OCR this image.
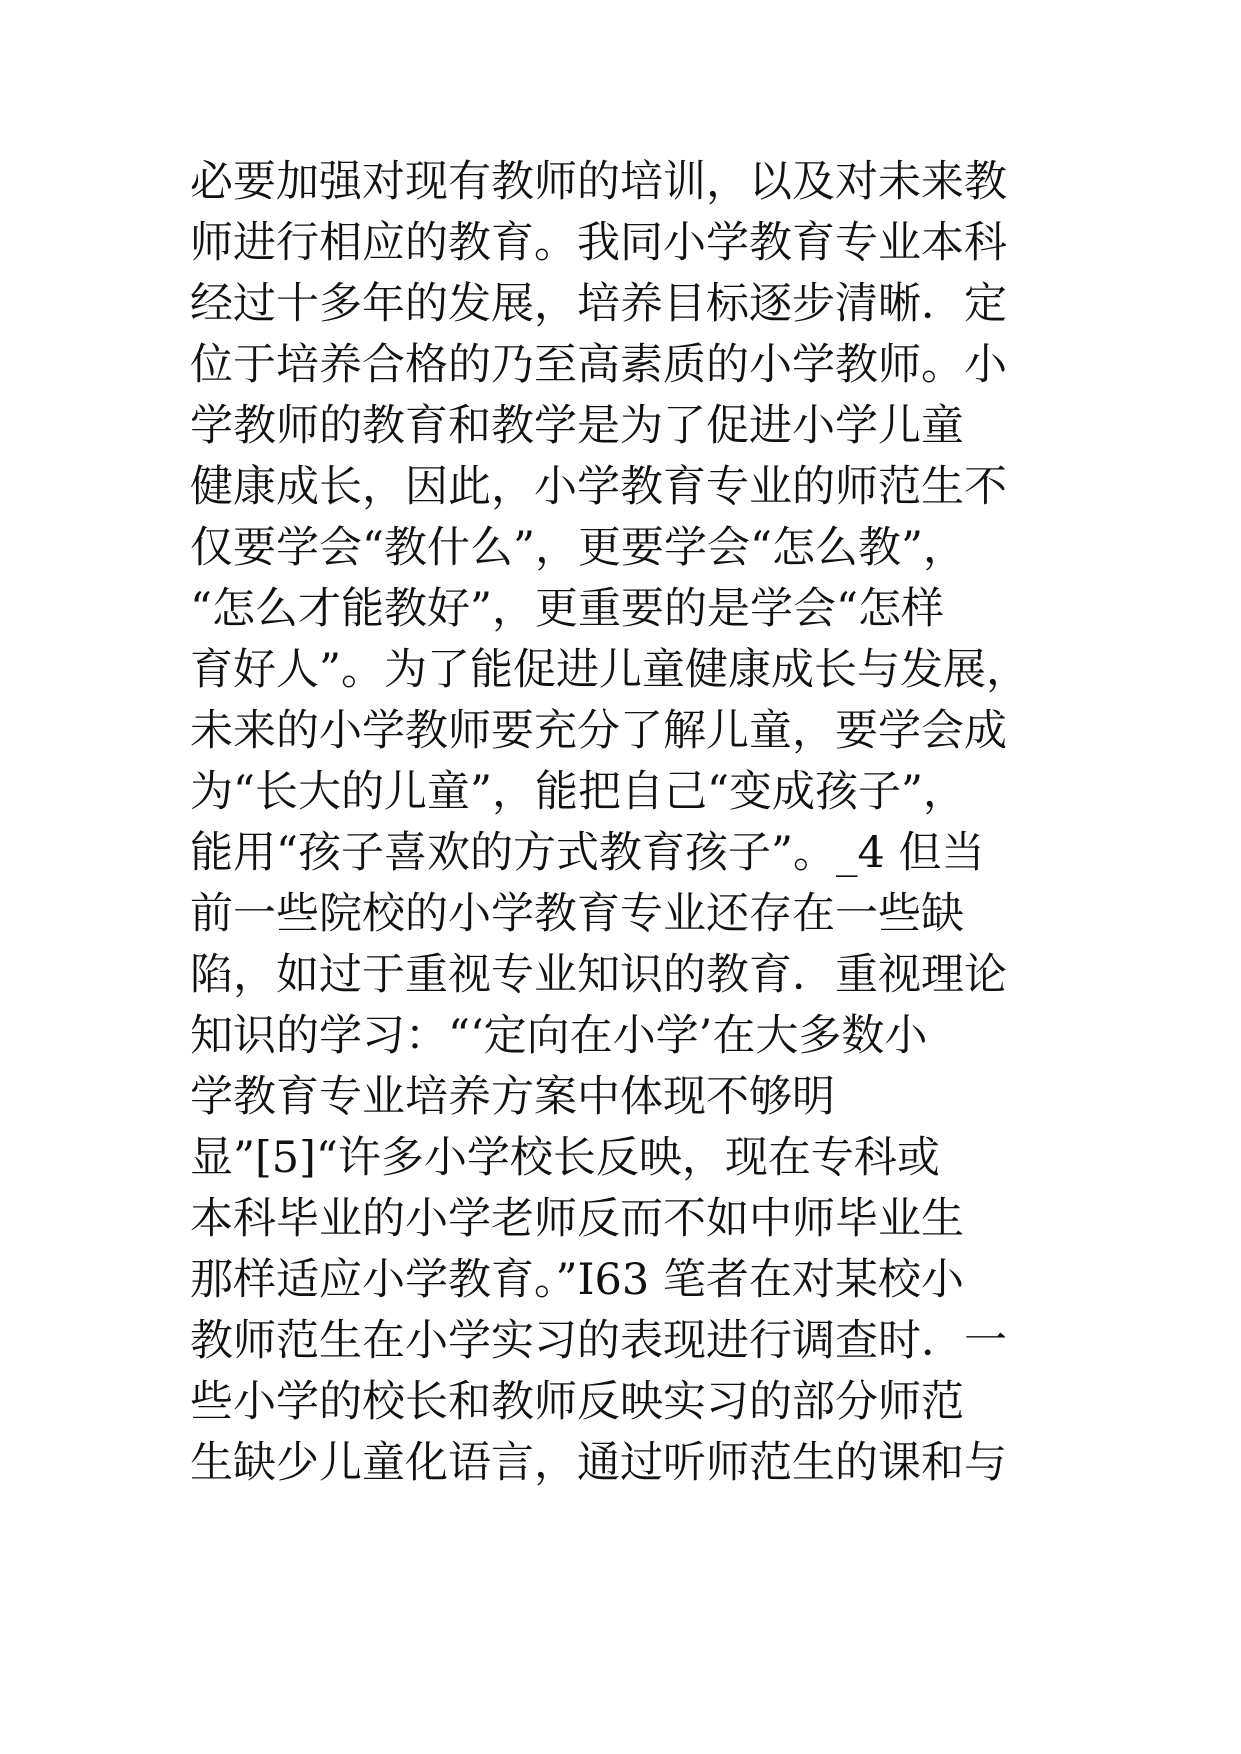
必要加强对现有教师的培训，以及对未来教
师进行相应的教育。我同小学教育专业本科
经过十多年的发展，培养目标逐步清晰．定
位于培养合格的乃至高素质的小学教师。小
学教师的教育和教学是为了促进小学儿童
健康成长，因此，小学教育专业的师范生不
仅要学会“教什么”，更要学会“怎么教”，
“怎么才能教好”，更重要的是学会“怎样
育好人”。为了能促进儿童健康成长与发展，
未来的小学教师要充分了解儿童，要学会成
为“长大的儿童”，能把自己“变成孩子”，
能用“孩子喜欢的方式教育孩子”。_4 但当
前一些院校的小学教育专业还存在一些缺
陷，如过于重视专业知识的教育．重视理论
知识的学习：“‘定向在小学’在大多数小
学教育专业培养方案中体现不够明
显”[5]“许多小学校长反映，现在专科或
本科毕业的小学老师反而不如中师毕业生
那样适应小学教育。”I63 笔者在对某校小
教师范生在小学实习的表现进行调查时．一
些小学的校长和教师反映实习的部分师范
生缺少儿童化语言，通过听师范生的课和与
